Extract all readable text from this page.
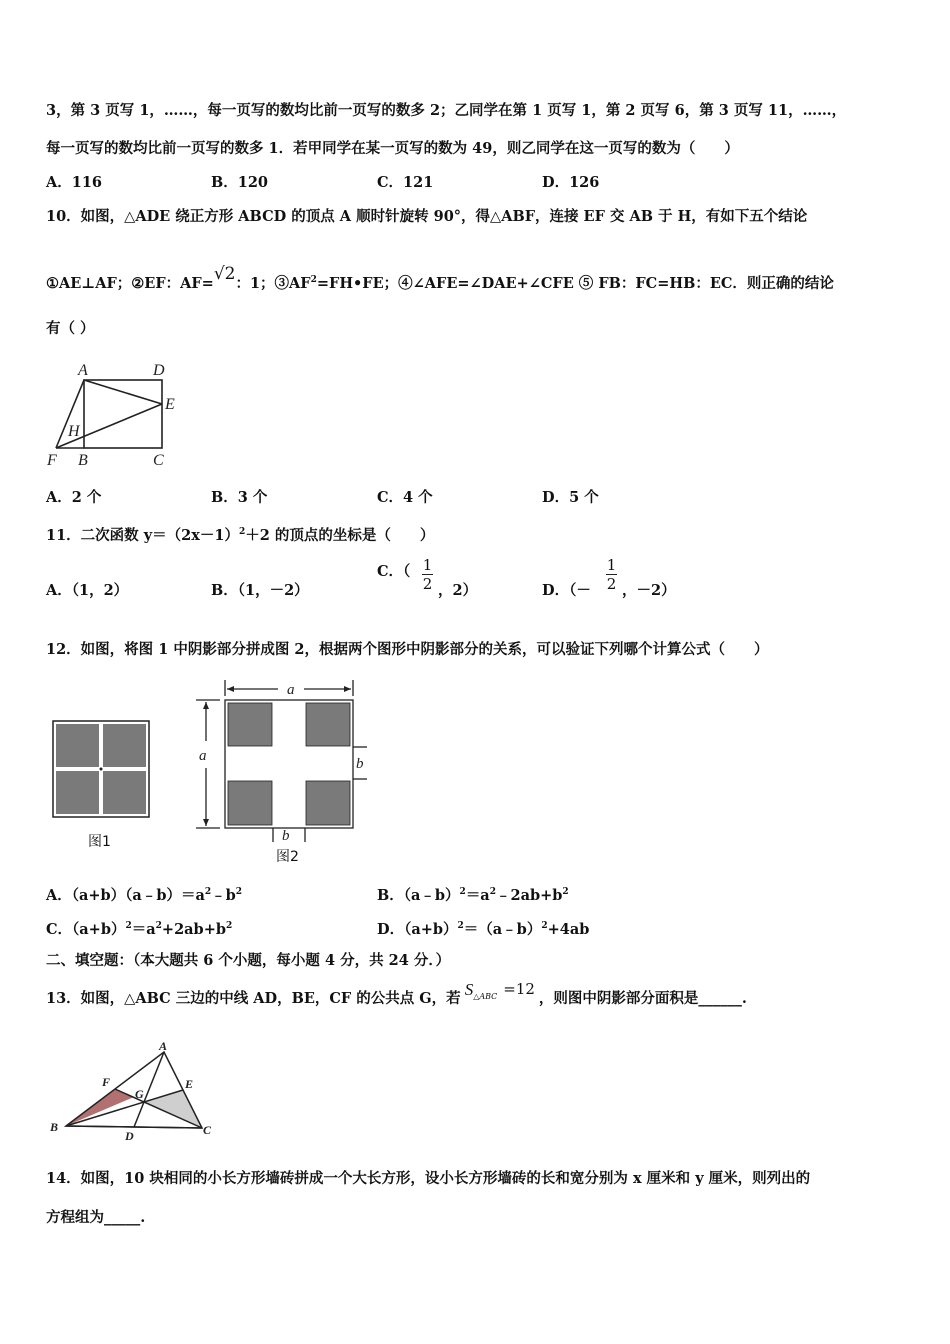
3，第 3 页写 1，……，每一页写的数均比前一页写的数多 2；乙同学在第 1 页写 1，第 2 页写 6，第 3 页写 11，……，
每一页写的数均比前一页写的数多 1．若甲同学在某一页写的数为 49，则乙同学在这一页写的数为（　　）
A．116	B．120	C．121	D．126
10．如图，△ADE 绕正方形 ABCD 的顶点 A 顺时针旋转 90°，得△ABF，连接 EF 交 AB 于 H，有如下五个结论
①AE⊥AF；②EF：AF=√2：1；$③AF^2=FH•FE$；④∠AFE=∠DAE+∠CFE ⑤ FB：FC=HB：EC．则正确的结论
有（ ）
A	D
E
H
F B	C
A．2 个	B．3 个	C．4 个	D．5 个
11．二次函数 $y=(2x-1)^2+2$ 的顶点的坐标是（　　）
A．（1，2）	B．（1，－2）
C．（ 1
2 ，2）	D．（－
1
2 ，－2）
12．如图，将图 1 中阴影部分拼成图 2，根据两个图形中阴影部分的关系，可以验证下列哪个计算公式（　　）
图1
a
a	b
b
图2
A．$(a+b)(a﹣b)=a^2﹣b^2$	B．$(a﹣b)^2=a^2﹣2ab+b^2$
C．$(a+b)^2=a^2+2ab+b^2$	D．$(a+b)^2=(a﹣b)^2+4ab$
二、填空题：（本大题共 6 个小题，每小题 4 分，共 24 分．）
13．如图，△ABC 三边的中线 AD，BE，CF 的公共点 G，若 $S^{\triangle ABC} =12$，则图中阴影部分面积是______.
A
F
G
E
B
D	C
14．如图，10 块相同的小长方形墙砖拼成一个大长方形，设小长方形墙砖的长和宽分别为 x 厘米和 y 厘米，则列出的
方程组为_____.
